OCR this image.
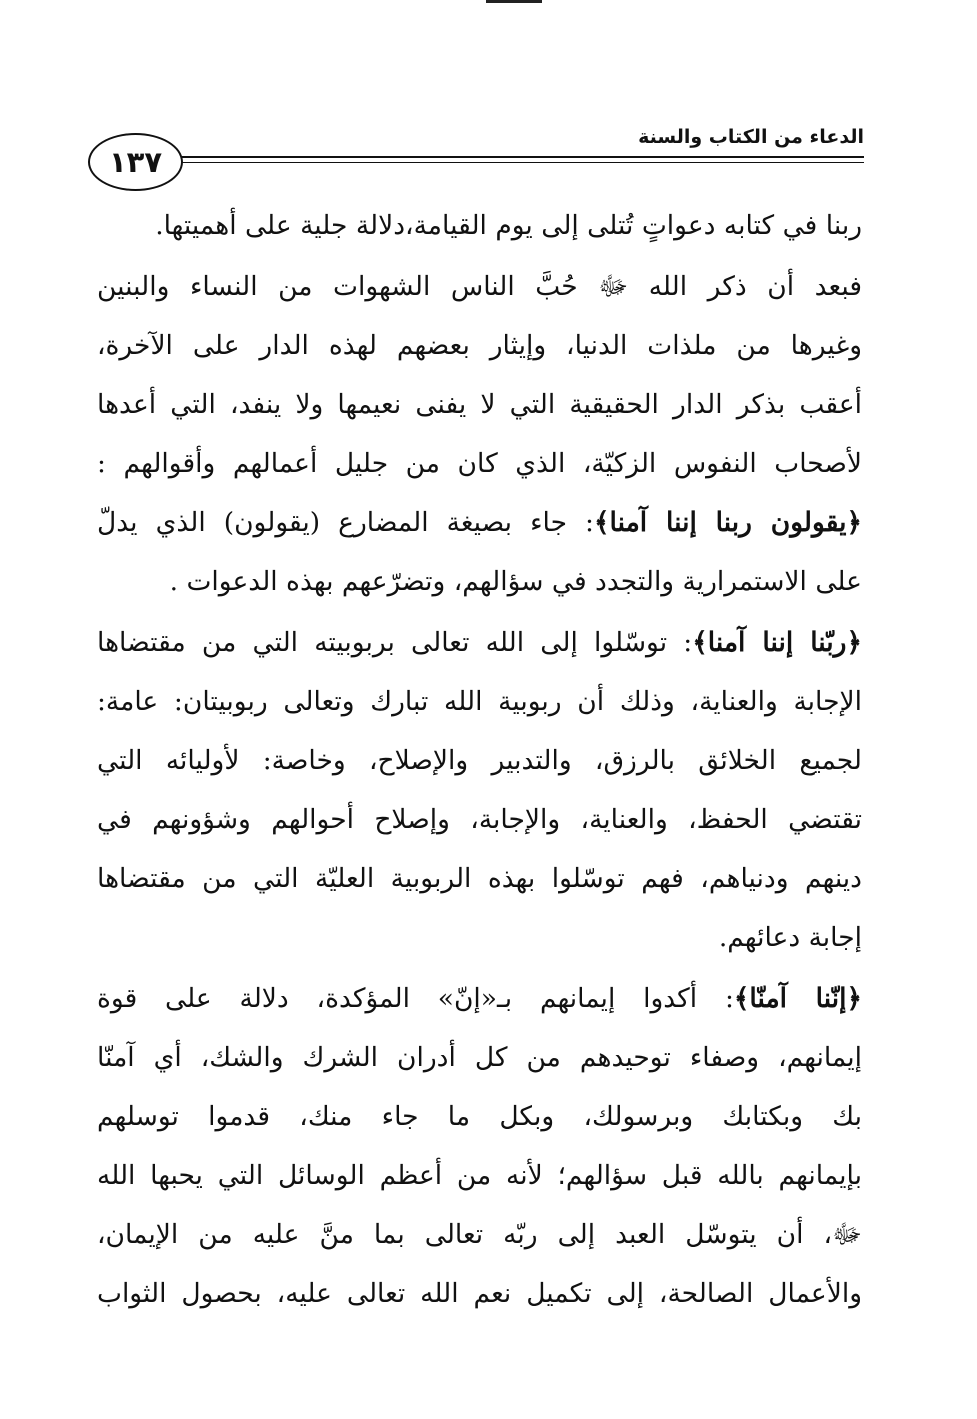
١٣٧
الدعاء من الكتاب والسنة
ربنا في كتابه دعواتٍ تُتلى إلى يوم القيامة،دلالة جلية على أهميتها.
فبعد أن ذكر الله ﷻ حُبَّ الناس الشهوات من النساء والبنين
وغيرها من ملذات الدنيا، وإيثار بعضهم لهذه الدار على الآخرة،
أعقب بذكر الدار الحقيقية التي لا يفنى نعيمها ولا ينفد، التي أعدها
لأصحاب النفوس الزكيّة، الذي كان من جليل أعمالهم وأقوالهم :
﴿يقولون ربنا إننا آمنا﴾: جاء بصيغة المضارع (يقولون) الذي يدلّ
على الاستمرارية والتجدد في سؤالهم، وتضرّعهم بهذه الدعوات .
﴿ربّنا إننا آمنا﴾: توسّلوا إلى الله تعالى بربوبيته التي من مقتضاها
الإجابة والعناية، وذلك أن ربوبية الله تبارك وتعالى ربوبيتان: عامة:
لجميع الخلائق بالرزق، والتدبير والإصلاح، وخاصة: لأوليائه التي
تقتضي الحفظ، والعناية، والإجابة، وإصلاح أحوالهم وشؤونهم في
دينهم ودنياهم، فهم توسّلوا بهذه الربوبية العليّة التي من مقتضاها
إجابة دعائهم.
﴿إنّنا آمنّا﴾: أكدوا إيمانهم بـ«إنّ» المؤكدة، دلالة على قوة
إيمانهم، وصفاء توحيدهم من كل أدران الشرك والشك، أي آمنّا
بك وبكتابك وبرسولك، وبكل ما جاء منك، قدموا توسلهم
بإيمانهم بالله قبل سؤالهم؛ لأنه من أعظم الوسائل التي يحبها الله
ﷻ، أن يتوسّل العبد إلى ربّه تعالى بما منَّ عليه من الإيمان،
والأعمال الصالحة، إلى تكميل نعم الله تعالى عليه، بحصول الثواب
